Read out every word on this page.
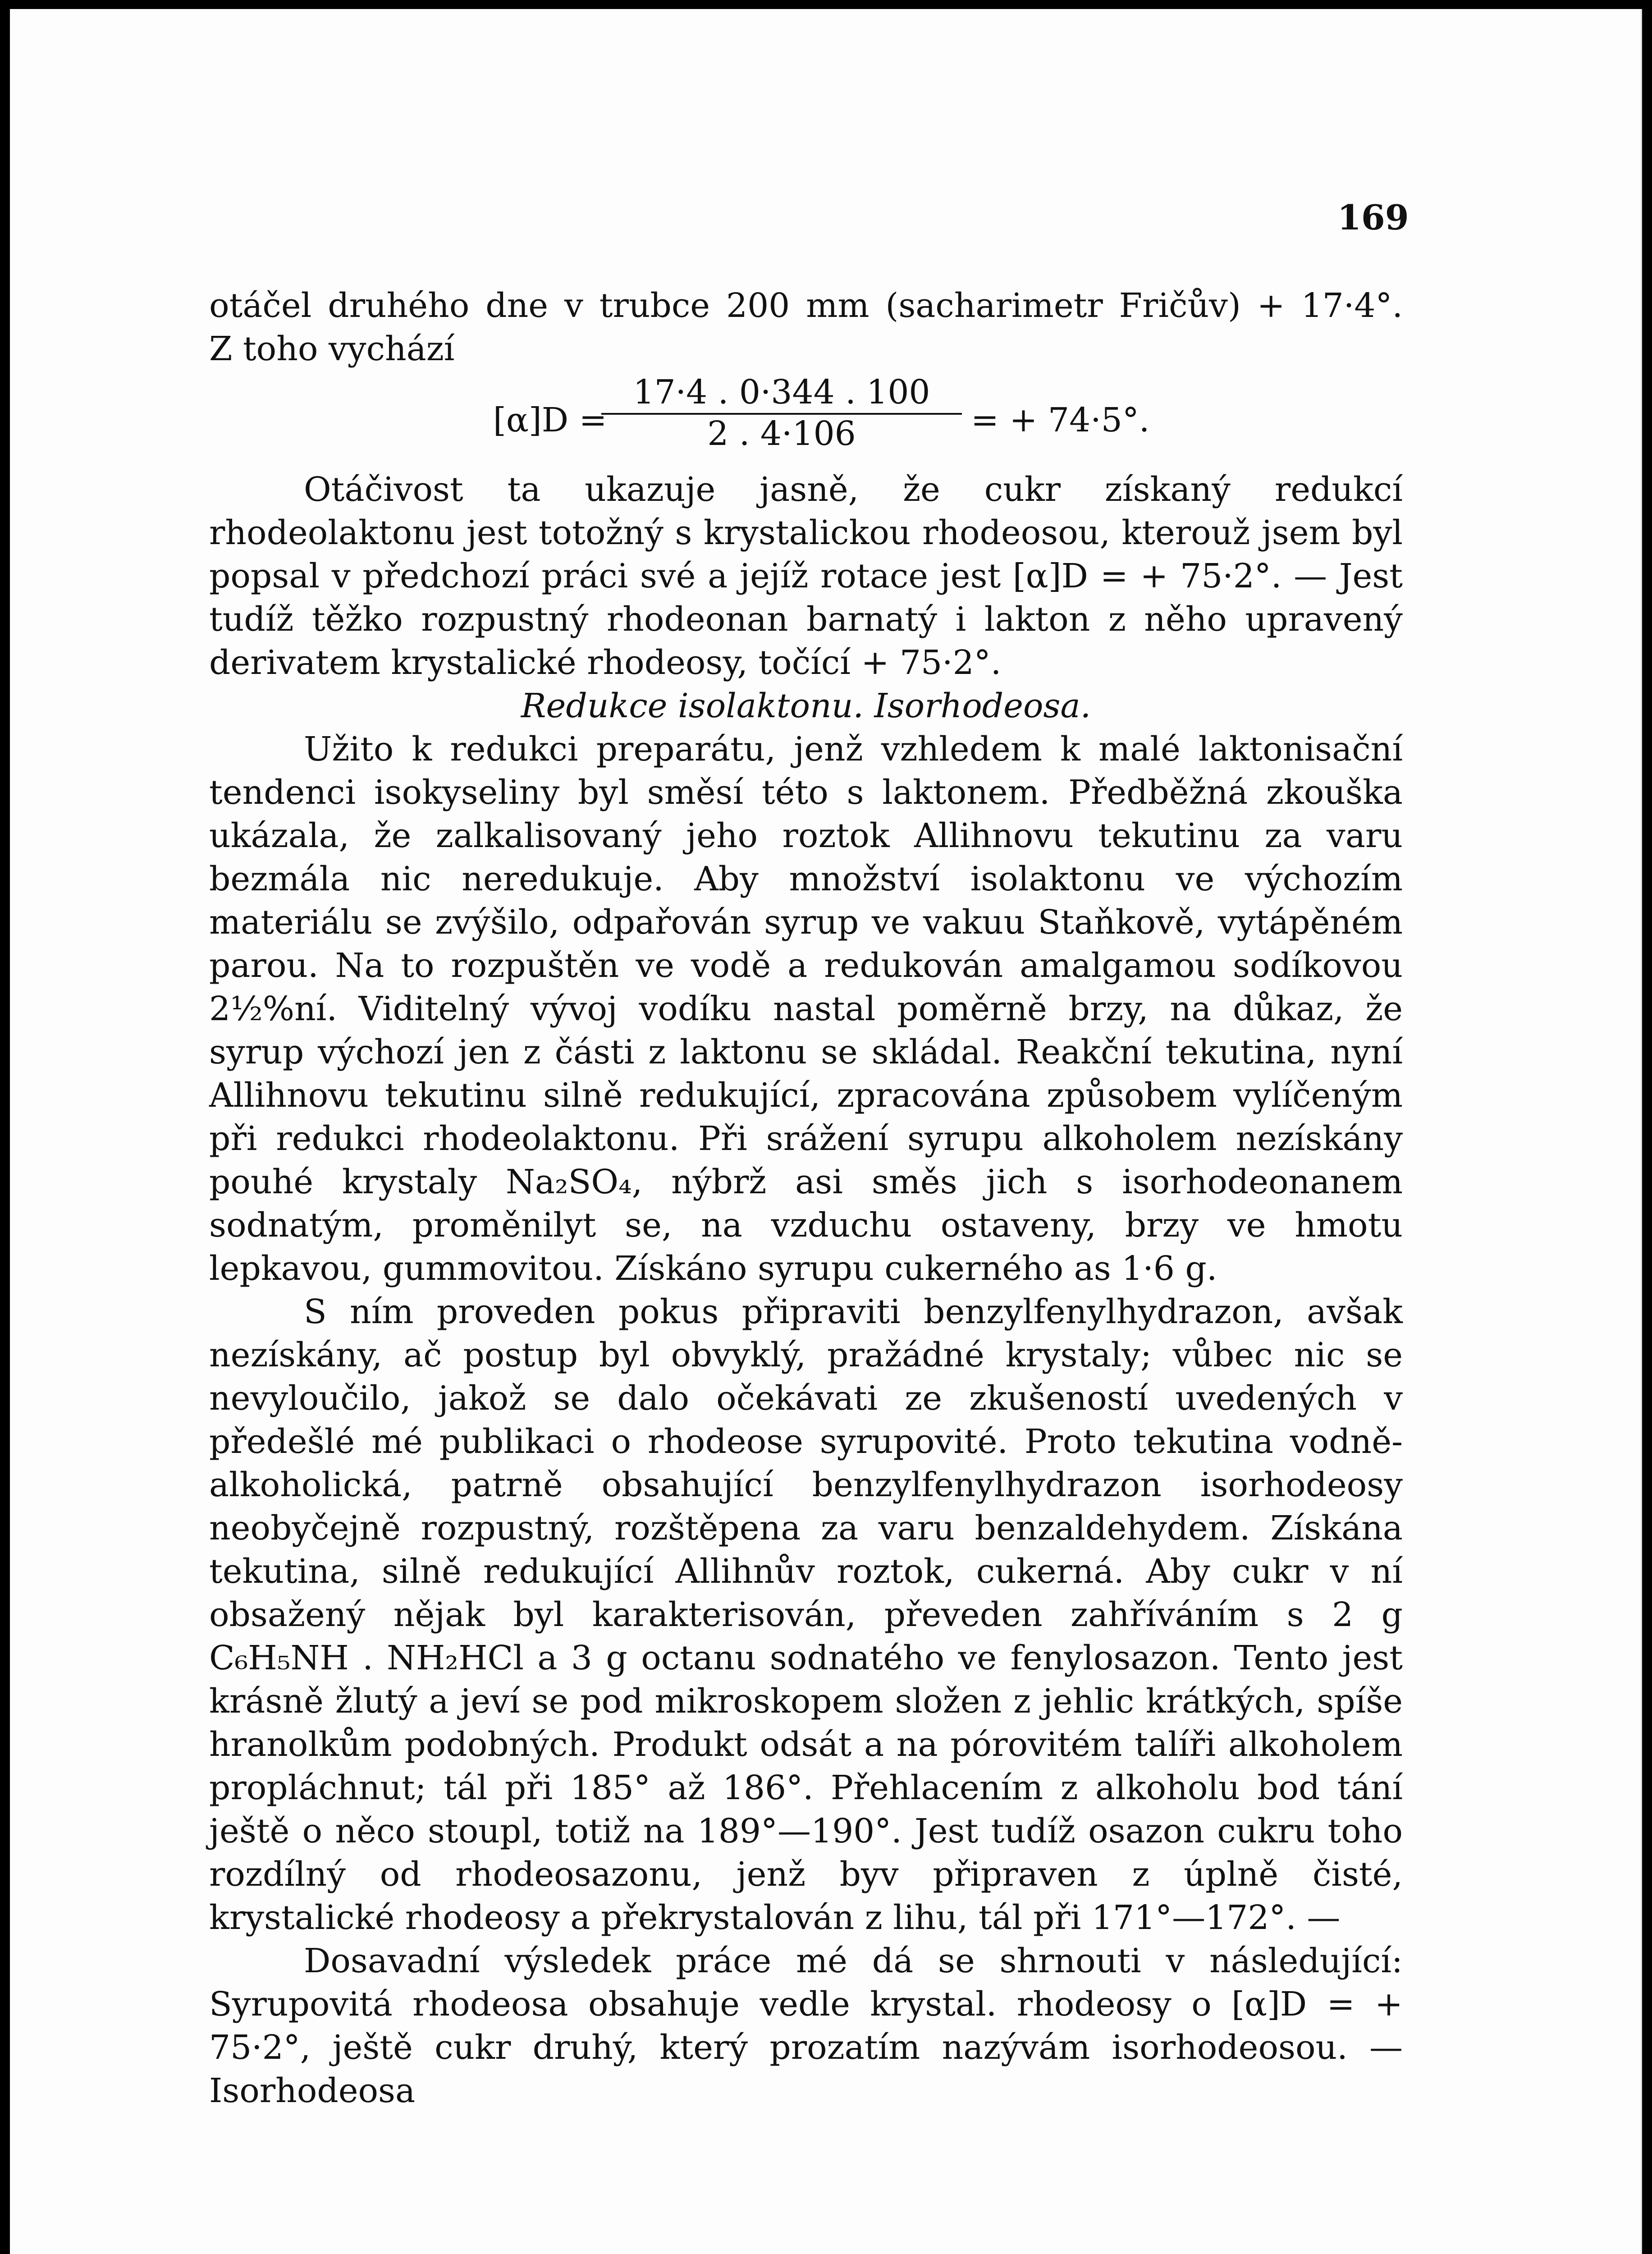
169

otáčel druhého dne v trubce 200 mm (sacharimetr Fričův) + 17·4°.

Z toho vychází

[α]D =
$\frac{17\cdot 4 . 0\cdot 344 . 100}{2 . 4\cdot 106}$ = + 74·5°.

Otáčivost ta ukazuje jasně, že cukr získaný redukcí rhodeolaktonu jest totožný s krystalickou rhodeosou, kterouž jsem byl popsal v předchozí práci své a jejíž rotace jest [α]D = + 75·2°. — Jest tudíž těžko rozpustný rhodeonan barnatý i lakton z něho upravený derivatem krystalické rhodeosy, točící + 75·2°.

Redukce isolaktonu. Isorhodeosa.

Užito k redukci preparátu, jenž vzhledem k malé laktonisační tendenci isokyseliny byl směsí této s laktonem. Předběžná zkouška ukázala, že zalkalisovaný jeho roztok Allihnovu tekutinu za varu bezmála nic neredukuje. Aby množství isolaktonu ve výchozím materiálu se zvýšilo, odpařován syrup ve vakuu Staňkově, vytápěném parou. Na to rozpuštěn ve vodě a redukován amalgamou sodíkovou 2½%ní. Viditelný vývoj vodíku nastal poměrně brzy, na důkaz, že syrup výchozí jen z části z laktonu se skládal. Reakční tekutina, nyní Allihnovu tekutinu silně redukující, zpracována způsobem vylíčeným při redukci rhodeolaktonu. Při srážení syrupu alkoholem nezískány pouhé krystaly Na₂SO₄, nýbrž asi směs jich s isorhodeonanem sodnatým, proměnilyt se, na vzduchu ostaveny, brzy ve hmotu lepkavou, gummovitou. Získáno syrupu cukerného as 1·6 g.

S ním proveden pokus připraviti benzylfenylhydrazon, avšak nezískány, ač postup byl obvyklý, pražádné krystaly; vůbec nic se nevyloučilo, jakož se dalo očekávati ze zkušeností uvedených v předešlé mé publikaci o rhodeose syrupovité. Proto tekutina vodně-alkoholická, patrně obsahující benzylfenylhydrazon isorhodeosy neobyčejně rozpustný, rozštěpena za varu benzaldehydem. Získána tekutina, silně redukující Allihnův roztok, cukerná. Aby cukr v ní obsažený nějak byl karakterisován, převeden zahříváním s 2 g C₆H₅NH . NH₂HCl a 3 g octanu sodnatého ve fenylosazon. Tento jest krásně žlutý a jeví se pod mikroskopem složen z jehlic krátkých, spíše hranolkům podobných. Produkt odsát a na pórovitém talíři alkoholem propláchnut; tál při 185° až 186°. Přehlacením z alkoholu bod tání ještě o něco stoupl, totiž na 189°—190°. Jest tudíž osazon cukru toho rozdílný od rhodeosazonu, jenž byv připraven z úplně čisté, krystalické rhodeosy a překrystalován z lihu, tál při 171°—172°. —

Dosavadní výsledek práce mé dá se shrnouti v následující: Syrupovitá rhodeosa obsahuje vedle krystal. rhodeosy o [α]D = + 75·2°, ještě cukr druhý, který prozatím nazývám isorhodeosou. — Isorhodeosa
